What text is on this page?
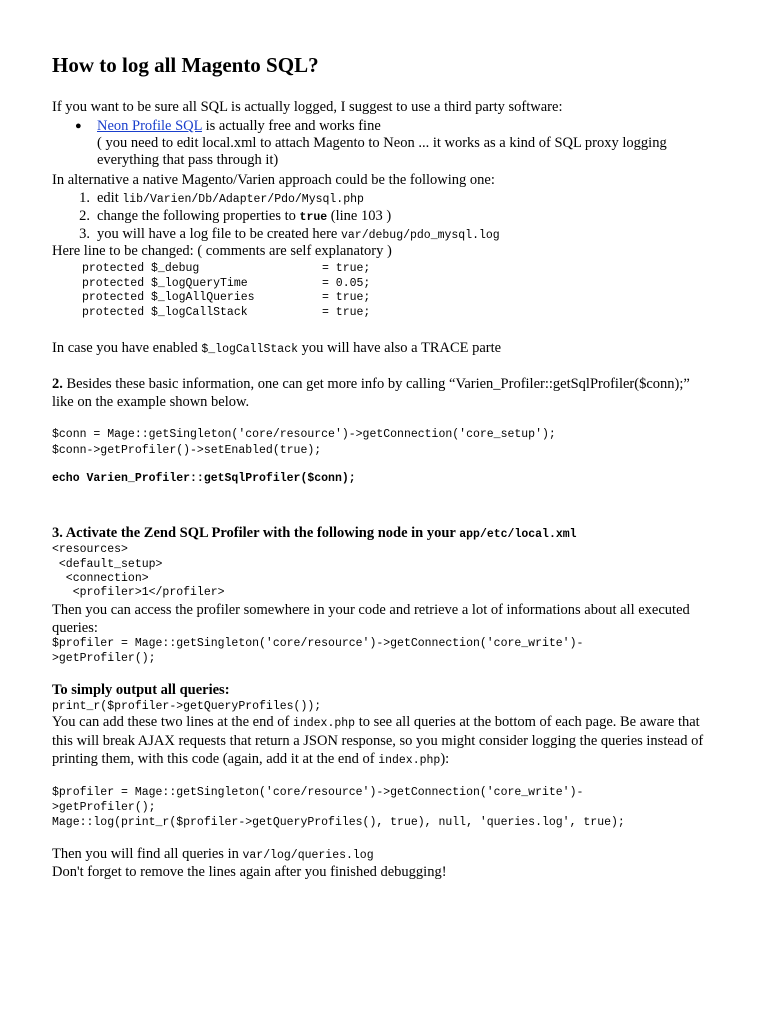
How to log all Magento SQL?
If you want to be sure all SQL is actually logged, I suggest to use a third party software:
● Neon Profile SQL is actually free and works fine
( you need to edit local.xml to attach Magento to Neon ... it works as a kind of SQL proxy logging
everything that pass through it)
In alternative a native Magento/Varien approach could be the following one:
1. edit lib/Varien/Db/Adapter/Pdo/Mysql.php
2. change the following properties to true (line 103 )
3. you will have a log file to be created here var/debug/pdo_mysql.log
Here line to be changed: ( comments are self explanatory )
protected $_debug	= true;
protected $_logQueryTime	= 0.05;
protected $_logAllQueries	= true;
protected $_logCallStack	= true;
In case you have enabled $_logCallStack you will have also a TRACE parte
2. Besides these basic information, one can get more info by calling “Varien_Profiler::getSqlProfiler($conn);”
like on the example shown below.
$conn = Mage::getSingleton('core/resource')->getConnection('core_setup');
$conn->getProfiler()->setEnabled(true);
echo Varien_Profiler::getSqlProfiler($conn);
3. Activate the Zend SQL Profiler with the following node in your app/etc/local.xml
<resources>
<default_setup>
<connection>
<profiler>1</profiler>
Then you can access the profiler somewhere in your code and retrieve a lot of informations about all executed
queries:
$profiler = Mage::getSingleton('core/resource')->getConnection('core_write')-
>getProfiler();
To simply output all queries:
print_r($profiler->getQueryProfiles());
You can add these two lines at the end of index.php to see all queries at the bottom of each page. Be aware that
this will break AJAX requests that return a JSON response, so you might consider logging the queries instead of
printing them, with this code (again, add it at the end of index.php):
$profiler = Mage::getSingleton('core/resource')->getConnection('core_write')-
>getProfiler();
Mage::log(print_r($profiler->getQueryProfiles(), true), null, 'queries.log', true);
Then you will find all queries in var/log/queries.log
Don't forget to remove the lines again after you finished debugging!
